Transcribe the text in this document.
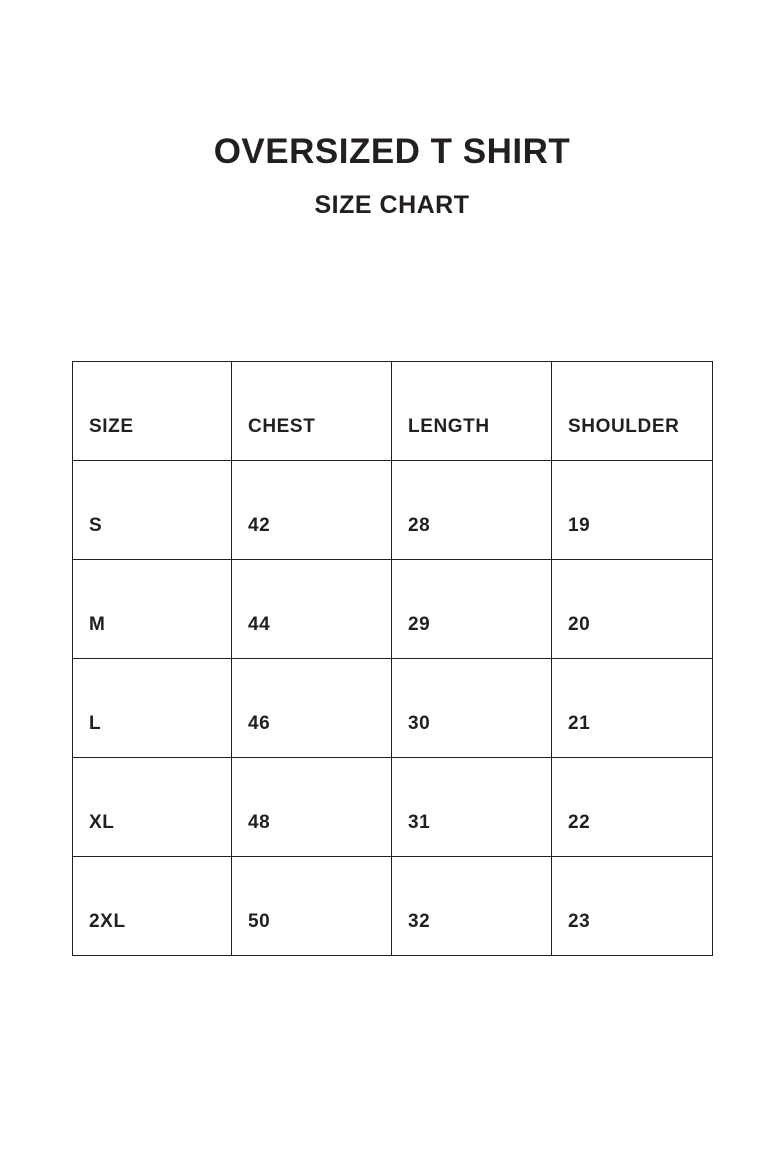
OVERSIZED T SHIRT
SIZE CHART
SIZE	CHEST	LENGTH	SHOULDER
S	42	28	19
M	44	29	20
L	46	30	21
XL	48	31	22
2XL	50	32	23
